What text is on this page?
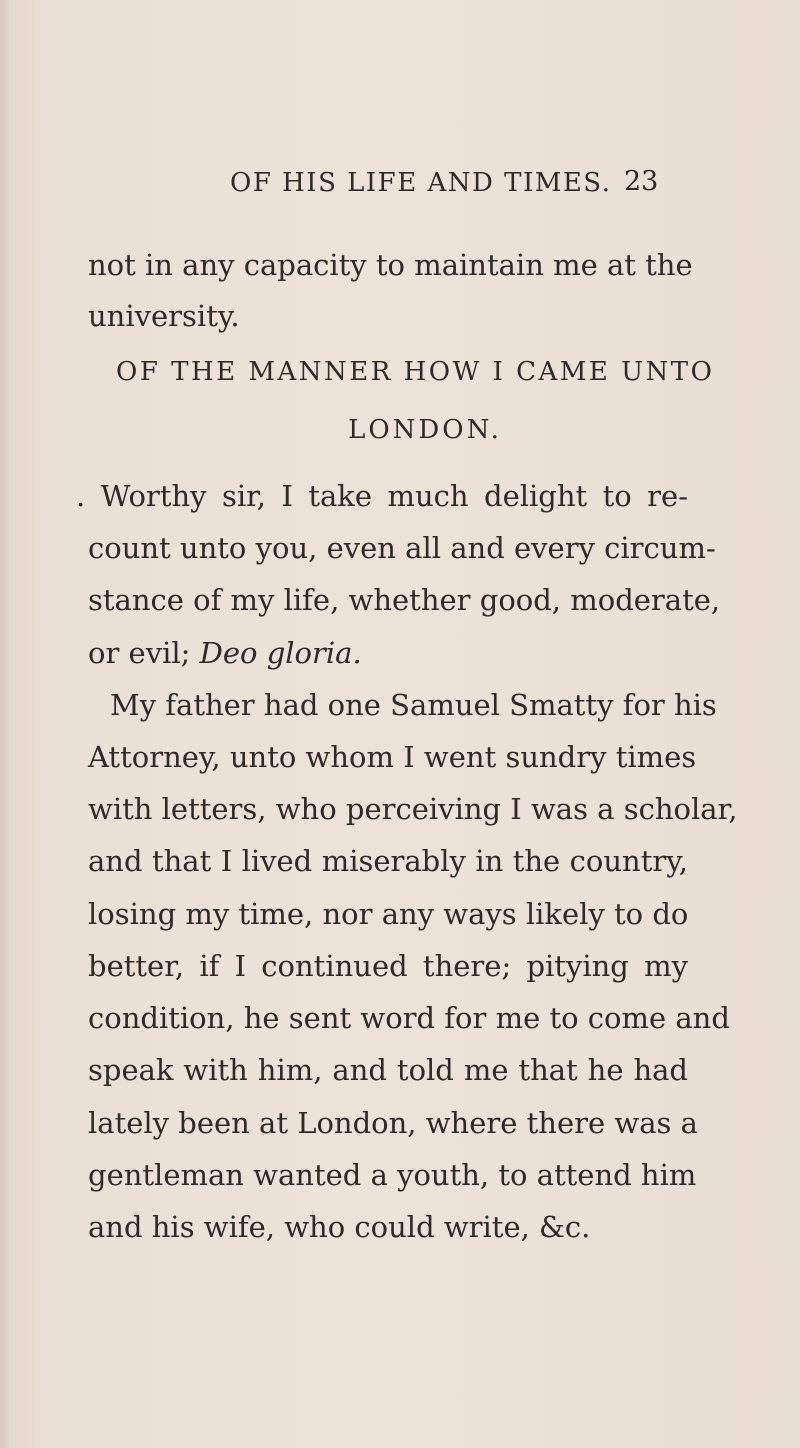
OF HIS LIFE AND TIMES. 23
not in any capacity to maintain me at the
university.
OF THE MANNER HOW I CAME UNTO
LONDON.
. Worthy sir, I take much delight to re-
count unto you, even all and every circum-
stance of my life, whether good, moderate,
or evil; Deo gloria.
My father had one Samuel Smatty for his
Attorney, unto whom I went sundry times
with letters, who perceiving I was a scholar,
and that I lived miserably in the country,
losing my time, nor any ways likely to do
better, if I continued there; pitying my
condition, he sent word for me to come and
speak with him, and told me that he had
lately been at London, where there was a
gentleman wanted a youth, to attend him
and his wife, who could write, &c.
